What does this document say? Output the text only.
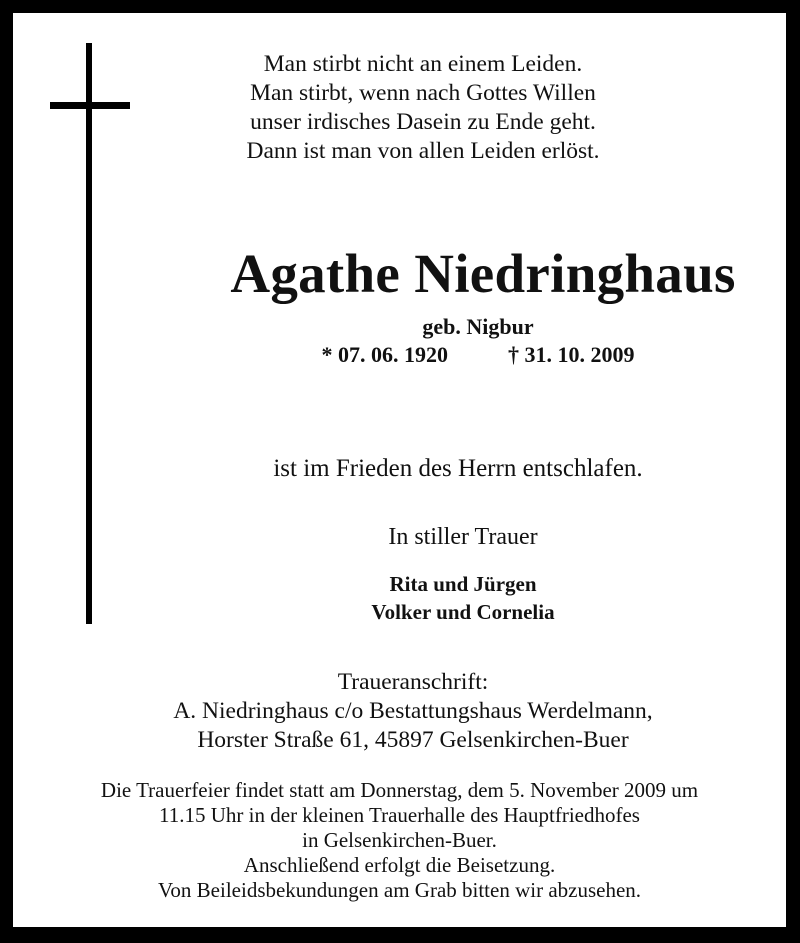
Man stirbt nicht an einem Leiden.
Man stirbt, wenn nach Gottes Willen
unser irdisches Dasein zu Ende geht.
Dann ist man von allen Leiden erlöst.
Agathe Niedringhaus
geb. Nigbur
* 07. 06. 1920	† 31. 10. 2009
ist im Frieden des Herrn entschlafen.
In stiller Trauer
Rita und Jürgen
Volker und Cornelia
Traueranschrift:
A. Niedringhaus c/o Bestattungshaus Werdelmann,
Horster Straße 61, 45897 Gelsenkirchen-Buer
Die Trauerfeier findet statt am Donnerstag, dem 5. November 2009 um
11.15 Uhr in der kleinen Trauerhalle des Hauptfriedhofes
in Gelsenkirchen-Buer.
Anschließend erfolgt die Beisetzung.
Von Beileidsbekundungen am Grab bitten wir abzusehen.
